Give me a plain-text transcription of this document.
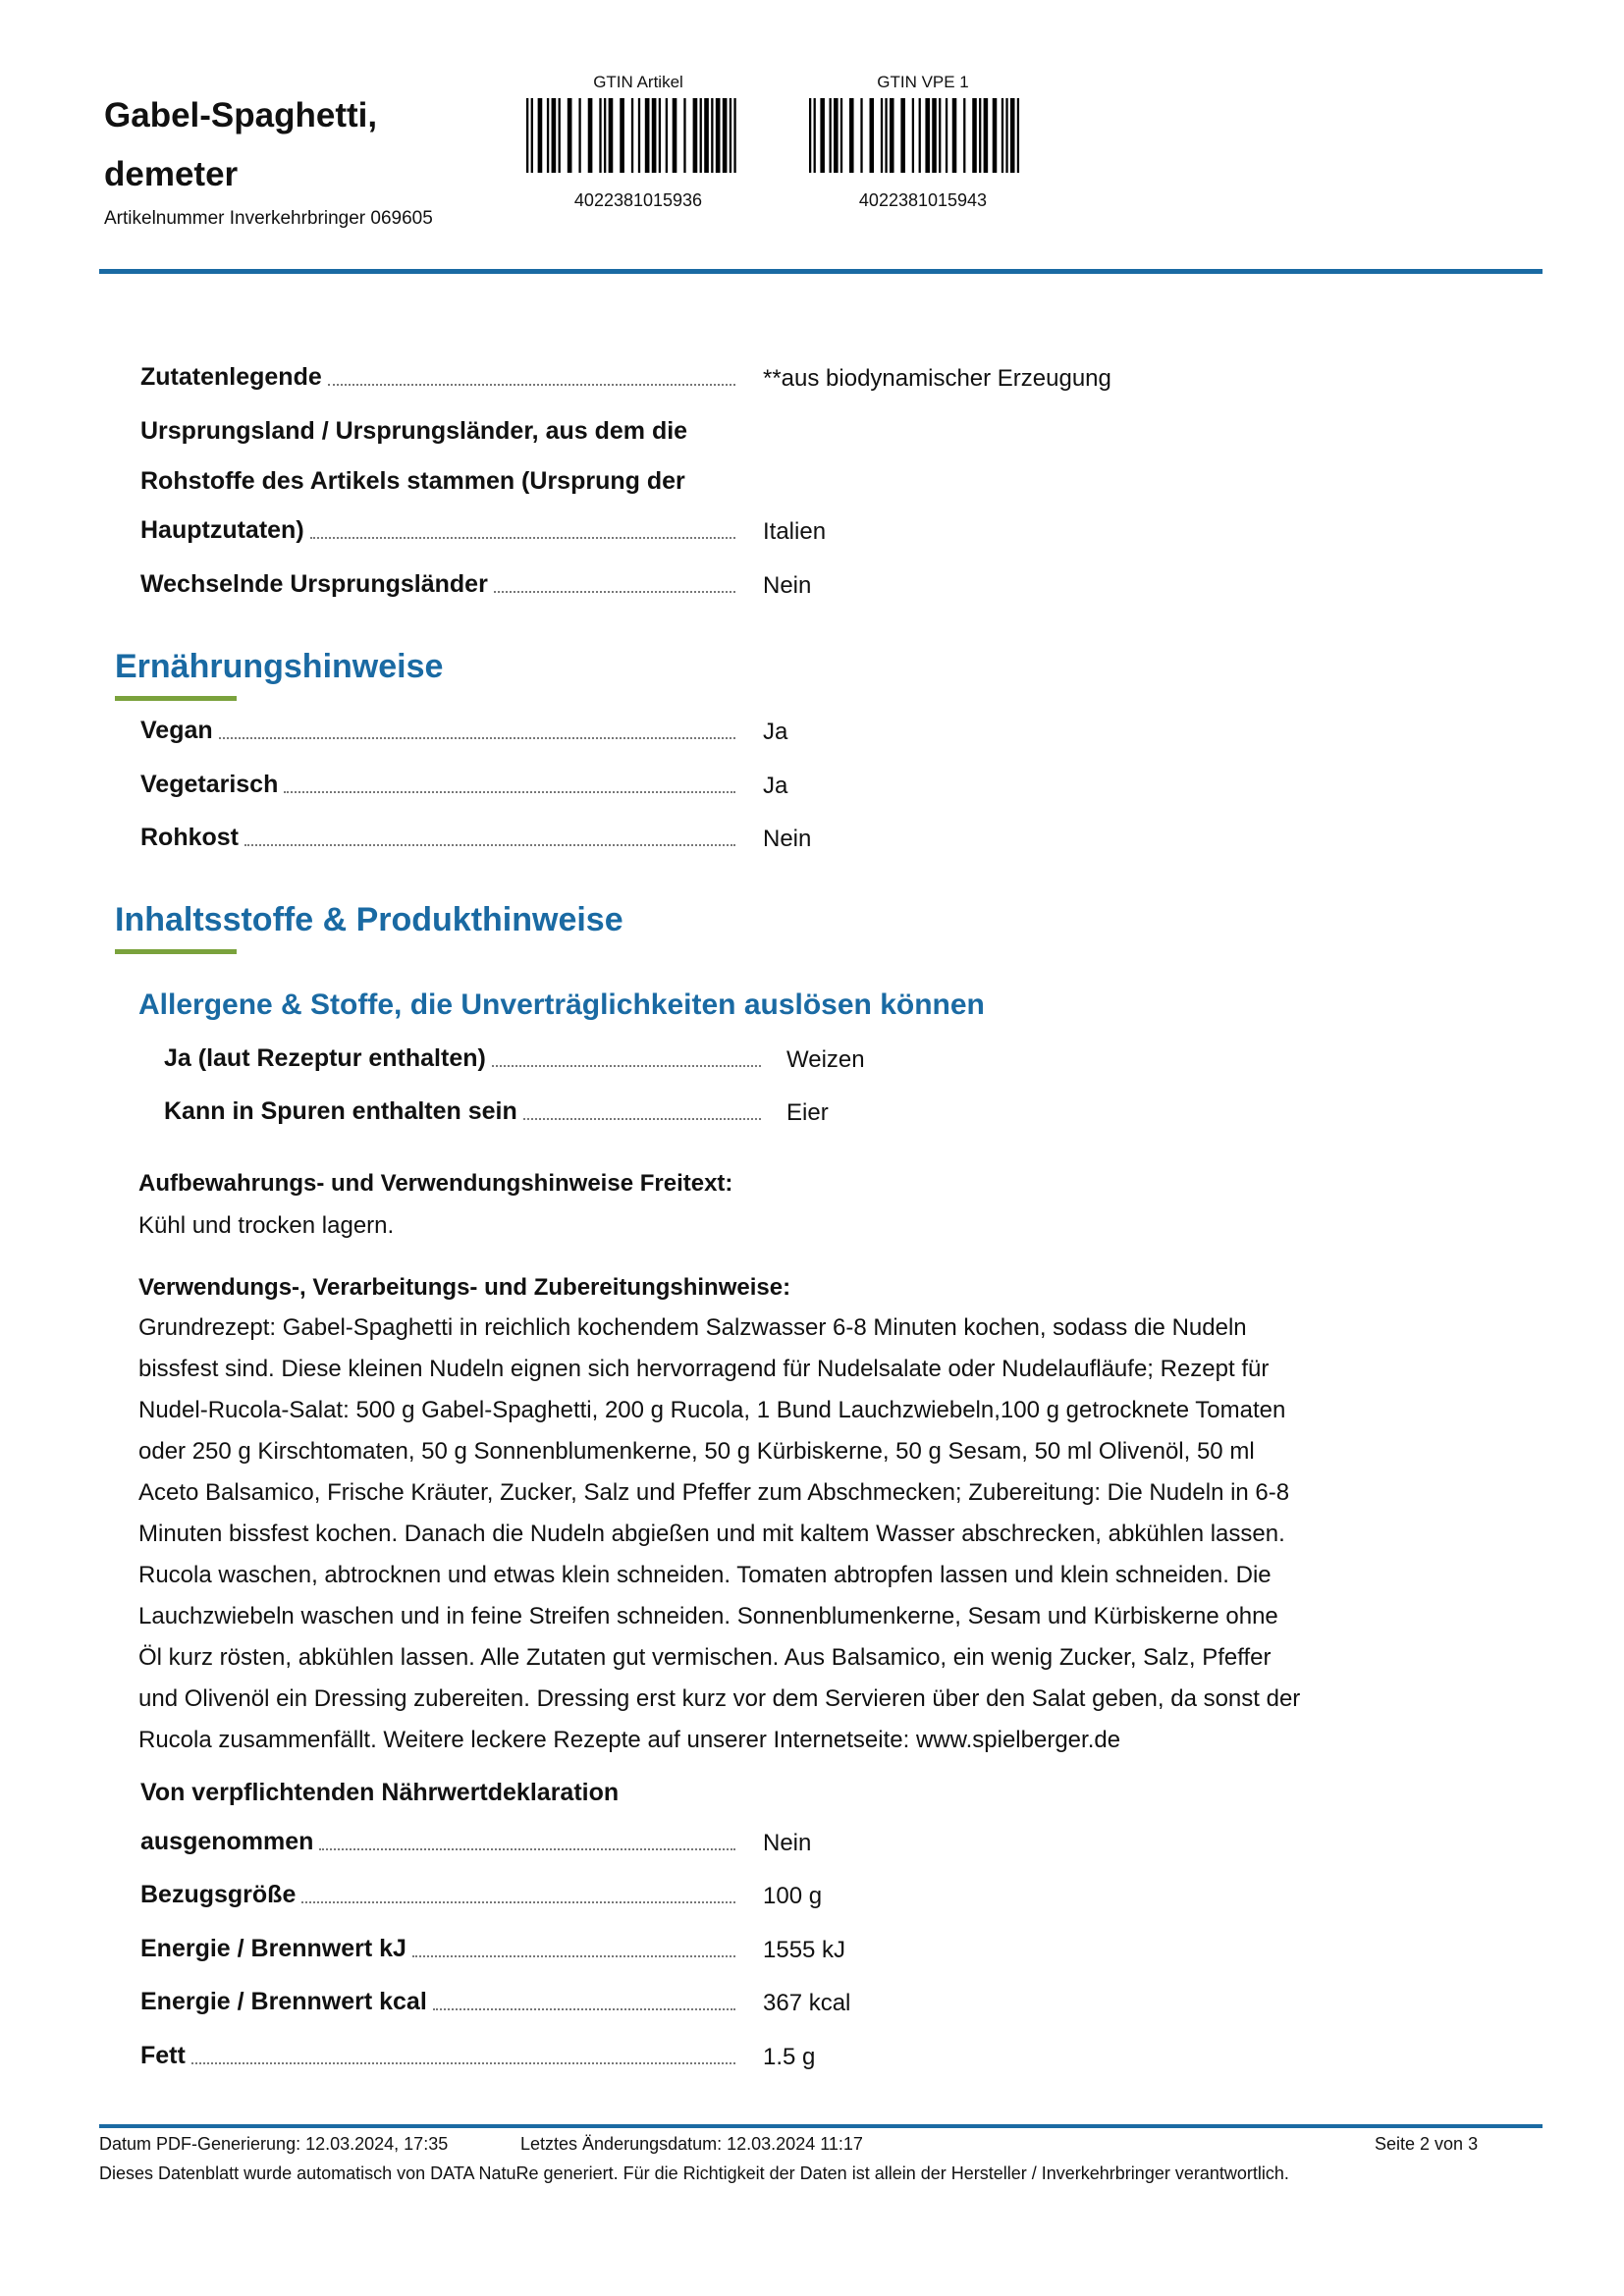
Gabel-Spaghetti,
demeter
Artikelnummer Inverkehrbringer 069605
GTIN Artikel
4022381015936
GTIN VPE 1
4022381015943
Zutatenlegende	**aus biodynamischer Erzeugung
Ursprungsland / Ursprungsländer, aus dem die
Rohstoffe des Artikels stammen (Ursprung der
Hauptzutaten)	Italien
Wechselnde Ursprungsländer	Nein
Ernährungshinweise
Vegan	Ja
Vegetarisch	Ja
Rohkost	Nein
Inhaltsstoffe & Produkthinweise
Allergene & Stoffe, die Unverträglichkeiten auslösen können
Ja (laut Rezeptur enthalten)	Weizen
Kann in Spuren enthalten sein	Eier
Aufbewahrungs- und Verwendungshinweise Freitext:
Kühl und trocken lagern.
Verwendungs-, Verarbeitungs- und Zubereitungshinweise:
Grundrezept: Gabel-Spaghetti in reichlich kochendem Salzwasser 6-8 Minuten kochen, sodass die Nudeln
bissfest sind. Diese kleinen Nudeln eignen sich hervorragend für Nudelsalate oder Nudelaufläufe; Rezept für
Nudel-Rucola-Salat: 500 g Gabel-Spaghetti, 200 g Rucola, 1 Bund Lauchzwiebeln,100 g getrocknete Tomaten
oder 250 g Kirschtomaten, 50 g Sonnenblumenkerne, 50 g Kürbiskerne, 50 g Sesam, 50 ml Olivenöl, 50 ml
Aceto Balsamico, Frische Kräuter, Zucker, Salz und Pfeffer zum Abschmecken; Zubereitung: Die Nudeln in 6-8
Minuten bissfest kochen. Danach die Nudeln abgießen und mit kaltem Wasser abschrecken, abkühlen lassen.
Rucola waschen, abtrocknen und etwas klein schneiden. Tomaten abtropfen lassen und klein schneiden. Die
Lauchzwiebeln waschen und in feine Streifen schneiden. Sonnenblumenkerne, Sesam und Kürbiskerne ohne
Öl kurz rösten, abkühlen lassen. Alle Zutaten gut vermischen. Aus Balsamico, ein wenig Zucker, Salz, Pfeffer
und Olivenöl ein Dressing zubereiten. Dressing erst kurz vor dem Servieren über den Salat geben, da sonst der
Rucola zusammenfällt. Weitere leckere Rezepte auf unserer Internetseite: www.spielberger.de
Von verpflichtenden Nährwertdeklaration
ausgenommen	Nein
Bezugsgröße	100 g
Energie / Brennwert kJ	1555 kJ
Energie / Brennwert kcal	367 kcal
Fett	1.5 g
Datum PDF-Generierung: 12.03.2024, 17:35	Letztes Änderungsdatum: 12.03.2024 11:17	Seite 2 von 3
Dieses Datenblatt wurde automatisch von DATA NatuRe generiert. Für die Richtigkeit der Daten ist allein der Hersteller / Inverkehrbringer verantwortlich.
